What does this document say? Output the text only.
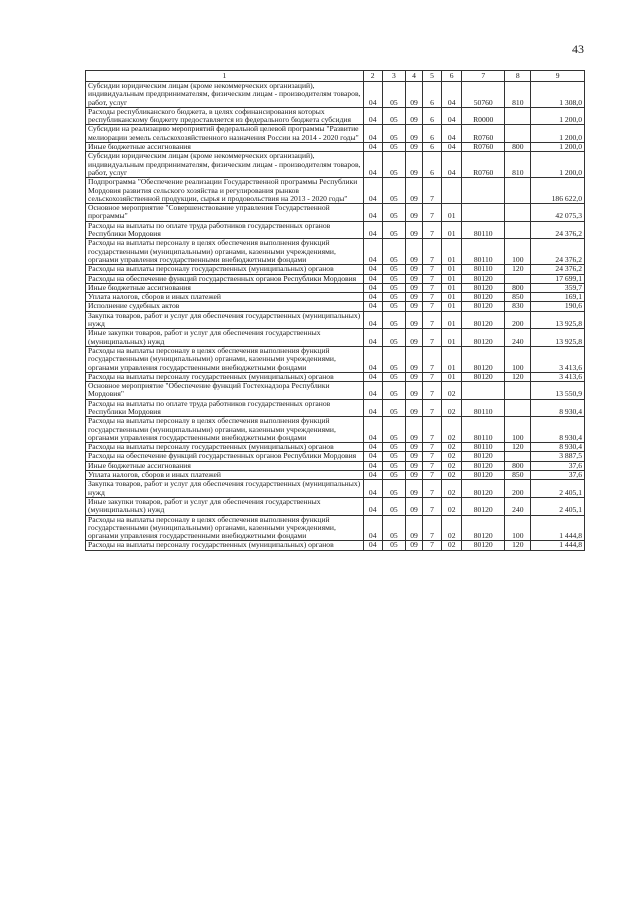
43
1	2	3	4	5	6	7	8	9
Субсидии юридическим лицам (кроме некоммерческих организаций), индивидуальным предпринимателям, физическим лицам - производителям товаров, работ, услуг	04	05	09	6	04	50760	810	1 308,0
Расходы республиканского бюджета, в целях софинансирования которых республиканскому бюджету предоставляется из федерального бюджета субсидия	04	05	09	6	04	R0000		1 200,0
Субсидии на реализацию мероприятий федеральной целевой программы "Развитие мелиорации земель сельскохозяйственного назначения России на 2014 - 2020 годы"	04	05	09	6	04	R0760		1 200,0
Иные бюджетные ассигнования	04	05	09	6	04	R0760	800	1 200,0
Субсидии юридическим лицам (кроме некоммерческих организаций), индивидуальным предпринимателям, физическим лицам - производителям товаров, работ, услуг	04	05	09	6	04	R0760	810	1 200,0
Подпрограмма "Обеспечение реализации Государственной программы Республики Мордовия развития сельского хозяйства и регулирования рынков сельскохозяйственной продукции, сырья и продовольствия на 2013 - 2020 годы"	04	05	09	7				186 622,0
Основное мероприятие "Совершенствование управления Государственной программы"	04	05	09	7	01			42 075,3
Расходы на выплаты по оплате труда работников государственных органов Республики Мордовия	04	05	09	7	01	80110		24 376,2
Расходы на выплаты персоналу в целях обеспечения выполнения функций государственными (муниципальными) органами, казенными учреждениями, органами управления государственными внебюджетными фондами	04	05	09	7	01	80110	100	24 376,2
Расходы на выплаты персоналу государственных (муниципальных) органов	04	05	09	7	01	80110	120	24 376,2
Расходы на обеспечение функций государственных органов Республики Мордовия	04	05	09	7	01	80120		17 699,1
Иные бюджетные ассигнования	04	05	09	7	01	80120	800	359,7
Уплата налогов, сборов и иных платежей	04	05	09	7	01	80120	850	169,1
Исполнение судебных актов	04	05	09	7	01	80120	830	190,6
Закупка товаров, работ и услуг для обеспечения государственных (муниципальных) нужд	04	05	09	7	01	80120	200	13 925,8
Иные закупки товаров, работ и услуг для обеспечения государственных (муниципальных) нужд	04	05	09	7	01	80120	240	13 925,8
Расходы на выплаты персоналу в целях обеспечения выполнения функций государственными (муниципальными) органами, казенными учреждениями, органами управления государственными внебюджетными фондами	04	05	09	7	01	80120	100	3 413,6
Расходы на выплаты персоналу государственных (муниципальных) органов	04	05	09	7	01	80120	120	3 413,6
Основное мероприятие "Обеспечение функций Гостехнадзора Республики Мордовия"	04	05	09	7	02			13 550,9
Расходы на выплаты по оплате труда работников государственных органов Республики Мордовия	04	05	09	7	02	80110		8 930,4
Расходы на выплаты персоналу в целях обеспечения выполнения функций государственными (муниципальными) органами, казенными учреждениями, органами управления государственными внебюджетными фондами	04	05	09	7	02	80110	100	8 930,4
Расходы на выплаты персоналу государственных (муниципальных) органов	04	05	09	7	02	80110	120	8 930,4
Расходы на обеспечение функций государственных органов Республики Мордовия	04	05	09	7	02	80120		3 887,5
Иные бюджетные ассигнования	04	05	09	7	02	80120	800	37,6
Уплата налогов, сборов и иных платежей	04	05	09	7	02	80120	850	37,6
Закупка товаров, работ и услуг для обеспечения государственных (муниципальных) нужд	04	05	09	7	02	80120	200	2 405,1
Иные закупки товаров, работ и услуг для обеспечения государственных (муниципальных) нужд	04	05	09	7	02	80120	240	2 405,1
Расходы на выплаты персоналу в целях обеспечения выполнения функций государственными (муниципальными) органами, казенными учреждениями, органами управления государственными внебюджетными фондами	04	05	09	7	02	80120	100	1 444,8
Расходы на выплаты персоналу государственных (муниципальных) органов	04	05	09	7	02	80120	120	1 444,8
